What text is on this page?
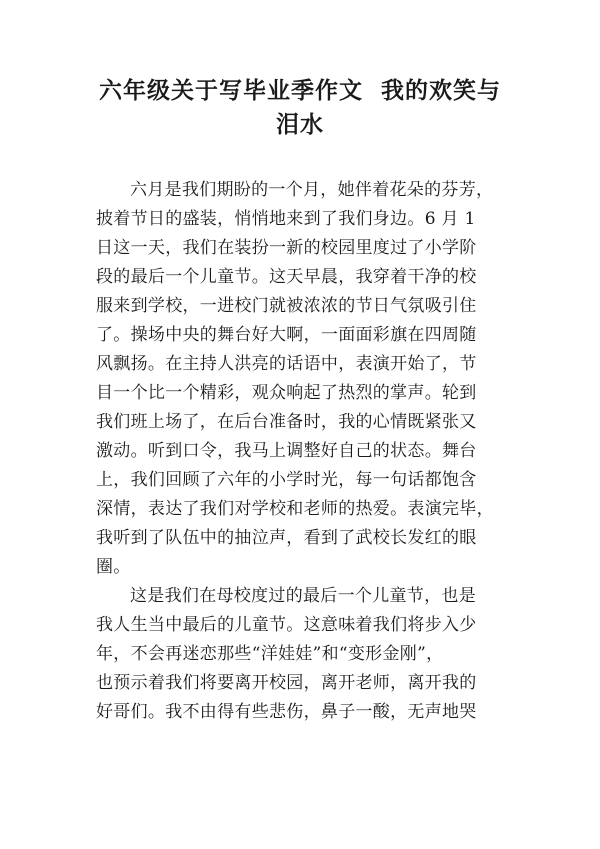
六年级关于写毕业季作文  我的欢笑与
泪水
六月是我们期盼的一个月，她伴着花朵的芬芳，
披着节日的盛装，悄悄地来到了我们身边。6 月 1
日这一天，我们在装扮一新的校园里度过了小学阶
段的最后一个儿童节。这天早晨，我穿着干净的校
服来到学校，一进校门就被浓浓的节日气氛吸引住
了。操场中央的舞台好大啊，一面面彩旗在四周随
风飘扬。在主持人洪亮的话语中，表演开始了，节
目一个比一个精彩，观众响起了热烈的掌声。轮到
我们班上场了，在后台准备时，我的心情既紧张又
激动。听到口令，我马上调整好自己的状态。舞台
上，我们回顾了六年的小学时光，每一句话都饱含
深情，表达了我们对学校和老师的热爱。表演完毕，
我听到了队伍中的抽泣声，看到了武校长发红的眼
圈。
这是我们在母校度过的最后一个儿童节，也是
我人生当中最后的儿童节。这意味着我们将步入少
年，不会再迷恋那些“洋娃娃”和“变形金刚”，
也预示着我们将要离开校园，离开老师，离开我的
好哥们。我不由得有些悲伤，鼻子一酸，无声地哭
